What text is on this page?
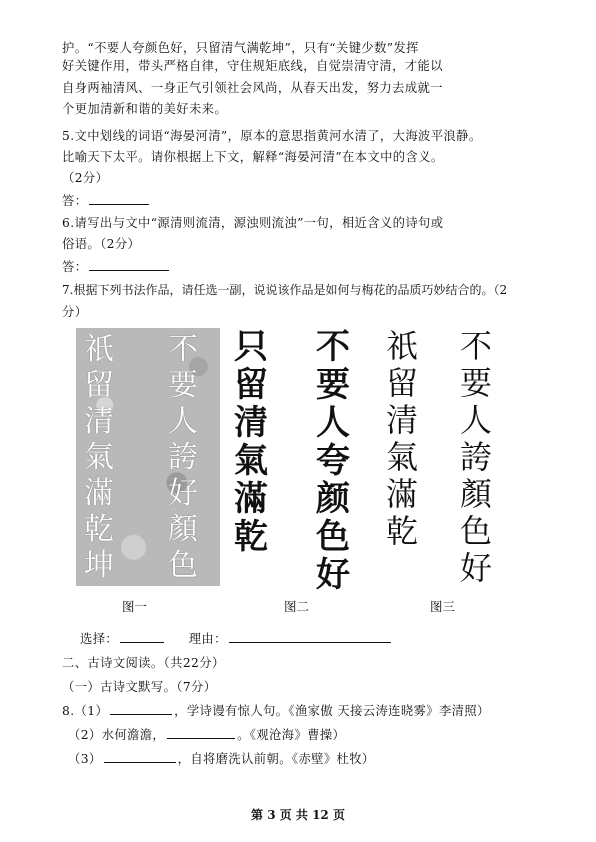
护。“不要人夸颜色好，只留清气满乾坤”，只有“关键少数”发挥
好关键作用，带头严格自律，守住规矩底线，自觉崇清守清，才能以
自身两袖清风、一身正气引领社会风尚，从春天出发，努力去成就一
个更加清新和谐的美好未来。
5.文中划线的词语“海晏河清”，原本的意思指黄河水清了，大海波平浪静。
比喻天下太平。请你根据上下文，解释“海晏河清”在本文中的含义。
（2分）
答：
6.请写出与文中“源清则流清，源浊则流浊”一句，相近含义的诗句或
俗语。（2分）
答：
7.根据下列书法作品，请任选一副，说说该作品是如何与梅花的品质巧妙结合的。（2
分）
祇
留
清
氣
滿
乾
坤
不
要
人
誇
好
顏
色
只
留
清
氣
滿
乾
不
要
人
夸
颜
色
好
祇
留
清
氣
滿
乾
不
要
人
誇
顏
色
好
图一	图二	图三
选择：	理由：
二、古诗文阅读。（共22分）
（一）古诗文默写。（7分）
8.（1）	，学诗谩有惊人句。《渔家傲 天接云涛连晓雾》李清照）
（2）水何澹澹，	。《观沧海》曹操）
（3）	，自将磨洗认前朝。《赤壁》杜牧）
第 3 页 共 12 页
